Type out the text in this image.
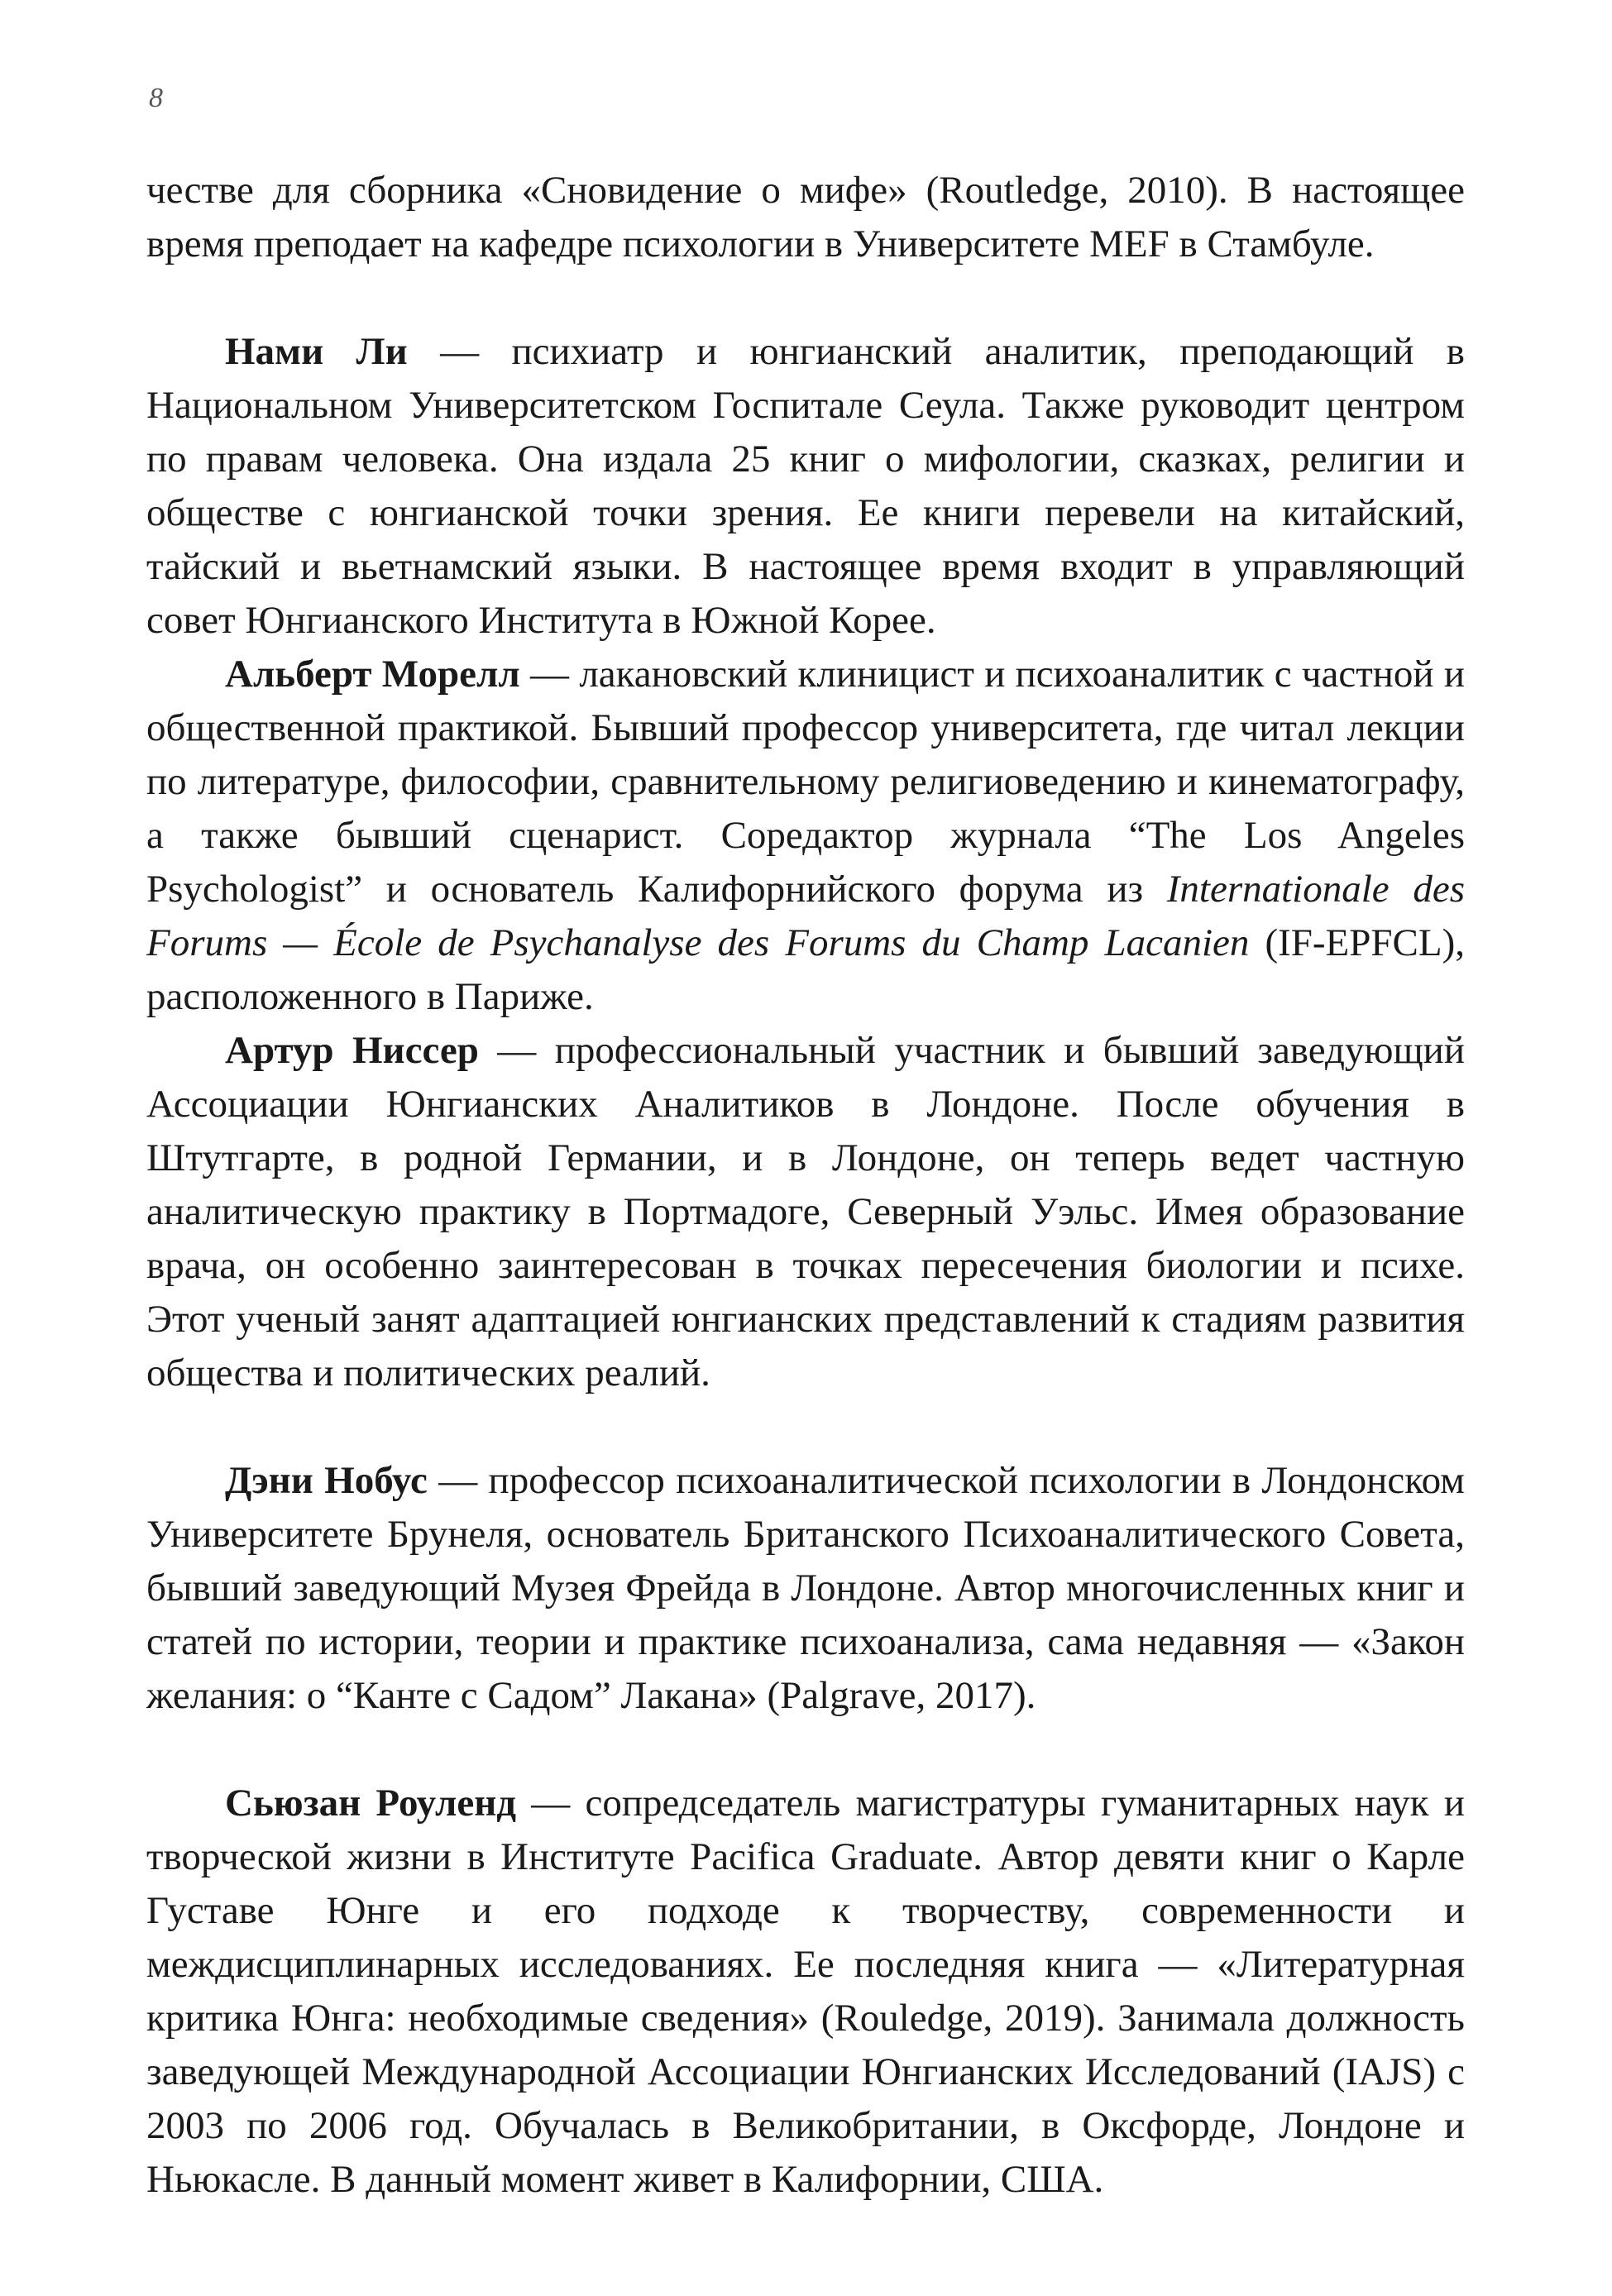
8

честве для сборника «Сновидение о мифе» (Routledge, 2010). В настоящее время преподает на кафедре психологии в Университете MEF в Стамбуле.

Нами Ли — психиатр и юнгианский аналитик, преподающий в Национальном Университетском Госпитале Сеула. Также руководит центром по правам человека. Она издала 25 книг о мифологии, сказках, религии и обществе с юнгианской точки зрения. Ее книги перевели на китайский, тайский и вьетнамский языки. В настоящее время входит в управляющий совет Юнгианского Института в Южной Корее.

Альберт Морелл — лакановский клиницист и психоаналитик с частной и общественной практикой. Бывший профессор университета, где читал лекции по литературе, философии, сравнительному религиоведению и кинематографу, а также бывший сценарист. Соредактор журнала “The Los Angeles Psychologist” и основатель Калифорнийского форума из Internationale des Forums — École de Psychanalyse des Forums du Champ Lacanien (IF-EPFCL), расположенного в Париже.

Артур Ниссер — профессиональный участник и бывший заведующий Ассоциации Юнгианских Аналитиков в Лондоне. После обучения в Штутгарте, в родной Германии, и в Лондоне, он теперь ведет частную аналитическую практику в Портмадоге, Северный Уэльс. Имея образование врача, он особенно заинтересован в точках пересечения биологии и психе. Этот ученый занят адаптацией юнгианских представлений к стадиям развития общества и политических реалий.

Дэни Нобус — профессор психоаналитической психологии в Лондонском Университете Брунеля, основатель Британского Психоаналитического Совета, бывший заведующий Музея Фрейда в Лондоне. Автор многочисленных книг и статей по истории, теории и практике психоанализа, сама недавняя — «Закон желания: о “Канте с Садом” Лакана» (Palgrave, 2017).

Сьюзан Роуленд — сопредседатель магистратуры гуманитарных наук и творческой жизни в Институте Pacifica Graduate. Автор девяти книг о Карле Густаве Юнге и его подходе к творчеству, современности и междисциплинарных исследованиях. Ее последняя книга — «Литературная критика Юнга: необходимые сведения» (Rouledge, 2019). Занимала должность заведующей Международной Ассоциации Юнгианских Исследований (IAJS) с 2003 по 2006 год. Обучалась в Великобритании, в Оксфорде, Лондоне и Ньюкасле. В данный момент живет в Калифорнии, США.
